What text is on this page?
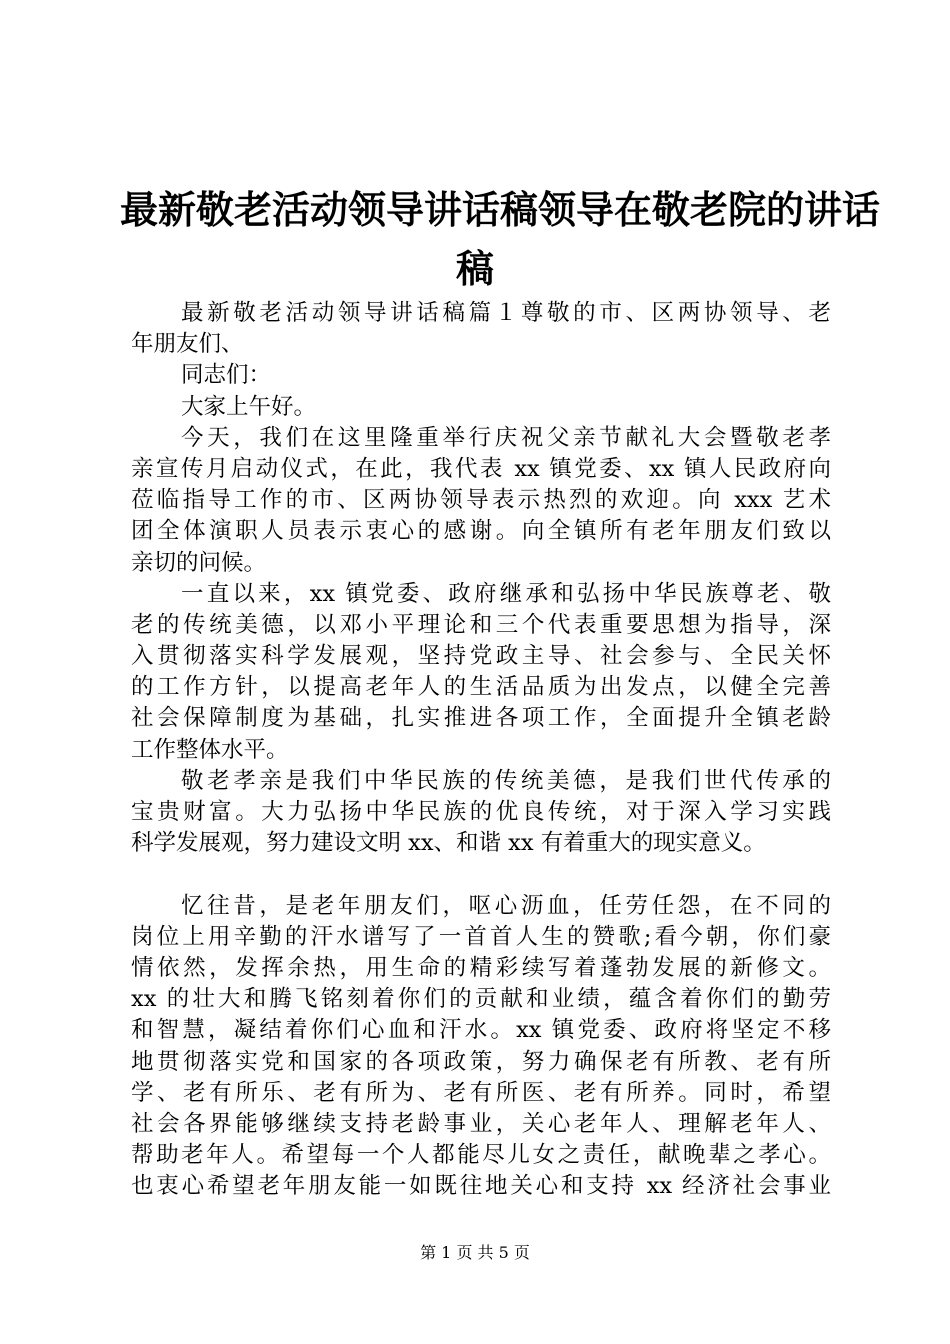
最新敬老活动领导讲话稿领导在敬老院的讲话
稿
最新敬老活动领导讲话稿篇１尊敬的市、区两协领导、老
年朋友们、
同志们：
大家上午好。
今天，我们在这里隆重举行庆祝父亲节献礼大会暨敬老孝
亲宣传月启动仪式，在此，我代表 xx 镇党委、xx 镇人民政府向
莅临指导工作的市、区两协领导表示热烈的欢迎。向 xxx 艺术
团全体演职人员表示衷心的感谢。向全镇所有老年朋友们致以
亲切的问候。
一直以来，xx 镇党委、政府继承和弘扬中华民族尊老、敬
老的传统美德，以邓小平理论和三个代表重要思想为指导，深
入贯彻落实科学发展观，坚持党政主导、社会参与、全民关怀
的工作方针，以提高老年人的生活品质为出发点，以健全完善
社会保障制度为基础，扎实推进各项工作，全面提升全镇老龄
工作整体水平。
敬老孝亲是我们中华民族的传统美德，是我们世代传承的
宝贵财富。大力弘扬中华民族的优良传统，对于深入学习实践
科学发展观，努力建设文明 xx、和谐 xx 有着重大的现实意义。
忆往昔，是老年朋友们，呕心沥血，任劳任怨，在不同的
岗位上用辛勤的汗水谱写了一首首人生的赞歌;看今朝，你们豪
情依然，发挥余热，用生命的精彩续写着蓬勃发展的新修文。
xx 的壮大和腾飞铭刻着你们的贡献和业绩，蕴含着你们的勤劳
和智慧，凝结着你们心血和汗水。xx 镇党委、政府将坚定不移
地贯彻落实党和国家的各项政策，努力确保老有所教、老有所
学、老有所乐、老有所为、老有所医、老有所养。同时，希望
社会各界能够继续支持老龄事业，关心老年人、理解老年人、
帮助老年人。希望每一个人都能尽儿女之责任，献晚辈之孝心。
也衷心希望老年朋友能一如既往地关心和支持 xx 经济社会事业
第 1 页 共 5 页
